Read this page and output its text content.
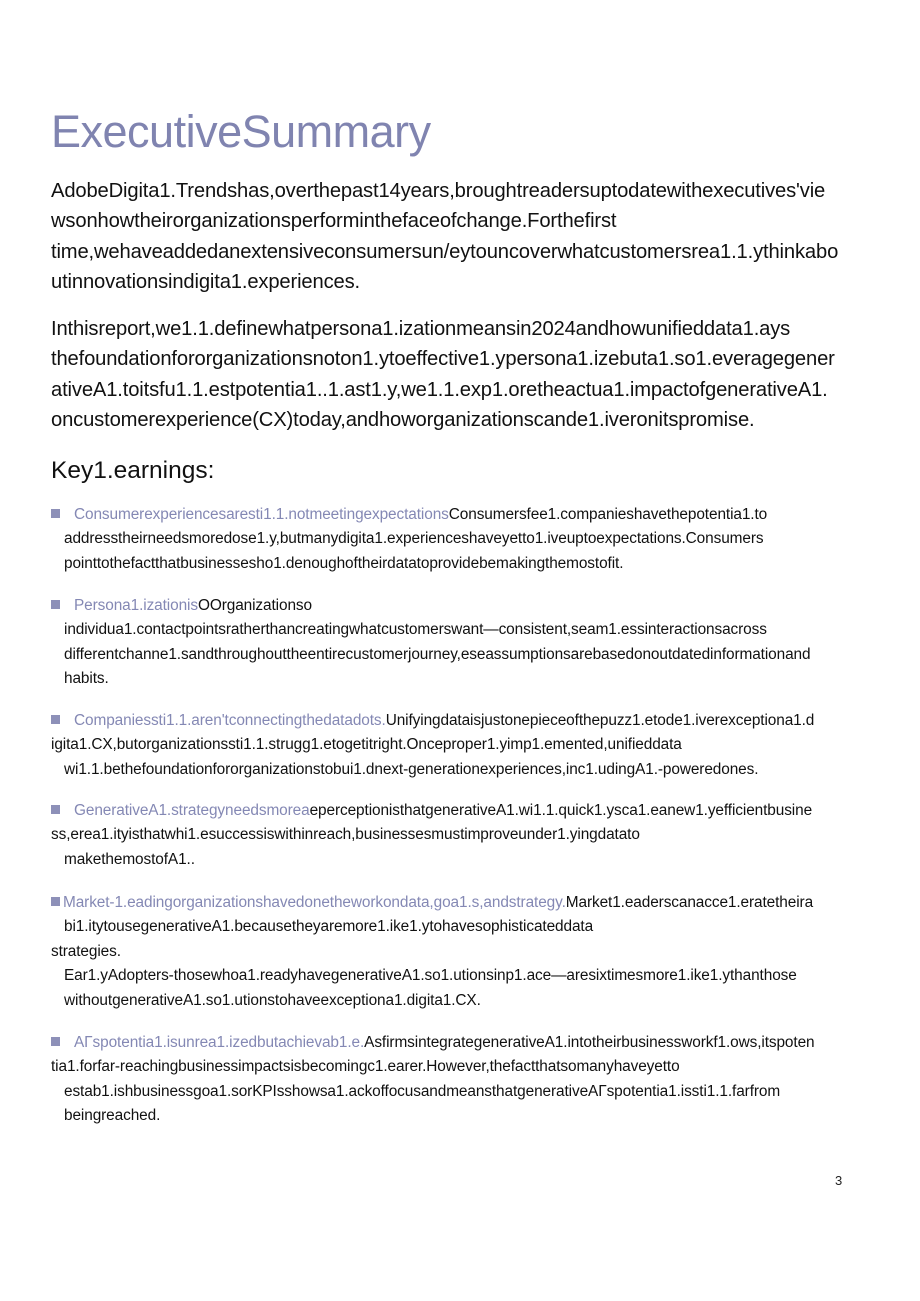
ExecutiveSummary
AdobeDigita1.Trendshas,overthepast14years,broughtreadersuptodatewithexecutives'vie
wsonhowtheirorganizationsperforminthefaceofchange.Forthefirst
time,wehaveaddedanextensiveconsumersun/eytouncoverwhatcustomersrea1.1.ythinkabo
utinnovationsindigita1.experiences.
Inthisreport,we1.1.definewhatpersona1.izationmeansin2024andhowunifieddata1.ays
thefoundationfororganizationsnoton1.ytoeffective1.ypersona1.izebuta1.so1.everagegener
ativeA1.toitsfu1.1.estpotentia1..1.ast1.y,we1.1.exp1.oretheactua1.impactofgenerativeA1.
oncustomerexperience(CX)today,andhoworganizationscande1.iveronitspromise.
Key1.earnings:
Consumerexperiencesaresti1.1.notmeetingexpectationsConsumersfee1.companieshavethepotentia1.to
addresstheirneedsmoredose1.y,butmanydigita1.experienceshaveyetto1.iveuptoexpectations.Consumers
pointtothefactthatbusinessesho1.denoughoftheirdatatoprovidebemakingthemostofit.
Persona1.izationisOOrganizationso
individua1.contactpointsratherthancreatingwhatcustomerswant—consistent,seam1.essinteractionsacross
differentchanne1.sandthroughouttheentirecustomerjourney,eseassumptionsarebasedonoutdatedinformationand
habits.
Companiessti1.1.aren'tconnectingthedatadots.Unifyingdataisjustonepieceofthepuzz1.etode1.iverexceptiona1.d
igita1.CX,butorganizationssti1.1.strugg1.etogetitright.Onceproper1.yimp1.emented,unifieddata
wi1.1.bethefoundationfororganizationstobui1.dnext-generationexperiences,inc1.udingA1.-poweredones.
GenerativeA1.strategyneedsmoreaeperceptionisthatgenerativeA1.wi1.1.quick1.ysca1.eanew1.yefficientbusine
ss,erea1.ityisthatwhi1.esuccessiswithinreach,businessesmustimproveunder1.yingdatato
makethemostofA1..
Market-1.eadingorganizationshavedonetheworkondata,goa1.s,andstrategy.Market1.eaderscanacce1.eratetheira
bi1.itytousegenerativeA1.becausetheyaremore1.ike1.ytohavesophisticateddata
strategies.
Ear1.yAdopters-thosewhoa1.readyhavegenerativeA1.so1.utionsinp1.ace—aresixtimesmore1.ike1.ythanthose
withoutgenerativeA1.so1.utionstohaveexceptiona1.digita1.CX.
AΓspotentia1.isunrea1.izedbutachievab1.e.AsfirmsintegrategenerativeA1.intotheirbusinessworkf1.ows,itspoten
tia1.forfar-reachingbusinessimpactsisbecomingc1.earer.However,thefactthatsomanyhaveyetto
estab1.ishbusinessgoa1.sorKPIsshowsa1.ackoffocusandmeansthatgenerativeAΓspotentia1.issti1.1.farfrom
beingreached.
3
